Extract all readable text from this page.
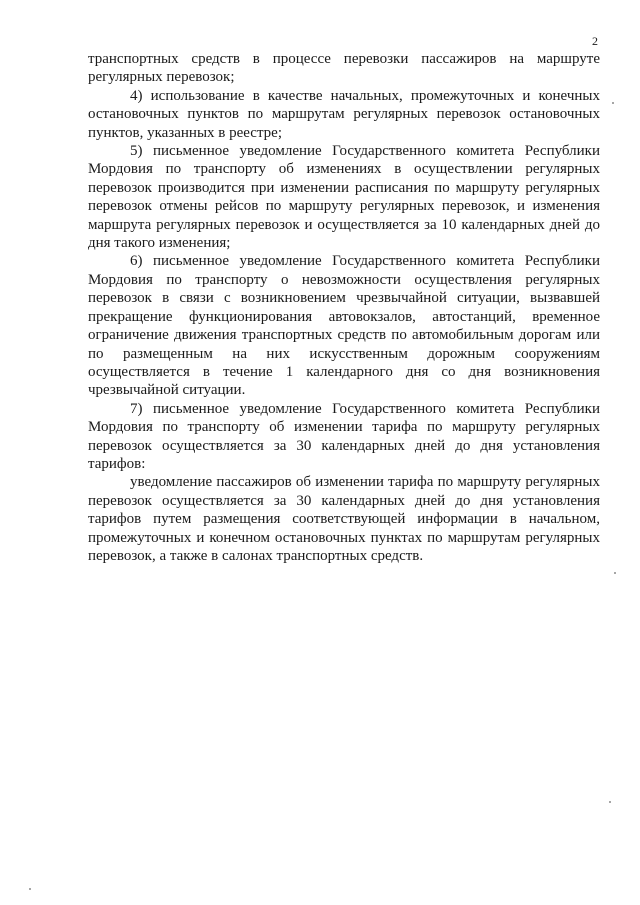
2

транспортных средств в процессе перевозки пассажиров на маршруте регулярных перевозок;

4) использование в качестве начальных, промежуточных и конечных остановочных пунктов по маршрутам регулярных перевозок остановочных пунктов, указанных в реестре;

5) письменное уведомление Государственного комитета Республики Мордовия по транспорту об изменениях в осуществлении регулярных перевозок производится при изменении расписания по маршруту регулярных перевозок отмены рейсов по маршруту регулярных перевозок, и изменения маршрута регулярных перевозок и осуществляется за 10 календарных дней до дня такого изменения;

6) письменное уведомление Государственного комитета Республики Мордовия по транспорту о невозможности осуществления регулярных перевозок в связи с возникновением чрезвычайной ситуации, вызвавшей прекращение функционирования автовокзалов, автостанций, временное ограничение движения транспортных средств по автомобильным дорогам или по размещенным на них искусственным дорожным сооружениям осуществляется в течение 1 календарного дня со дня возникновения чрезвычайной ситуации.

7) письменное уведомление Государственного комитета Республики Мордовия по транспорту об изменении тарифа по маршруту регулярных перевозок осуществляется за 30 календарных дней до дня установления тарифов:

уведомление пассажиров об изменении тарифа по маршруту регулярных перевозок осуществляется за 30 календарных дней до дня установления тарифов путем размещения соответствующей информации в начальном, промежуточных и конечном остановочных пунктах по маршрутам регулярных перевозок, а также в салонах транспортных средств.
